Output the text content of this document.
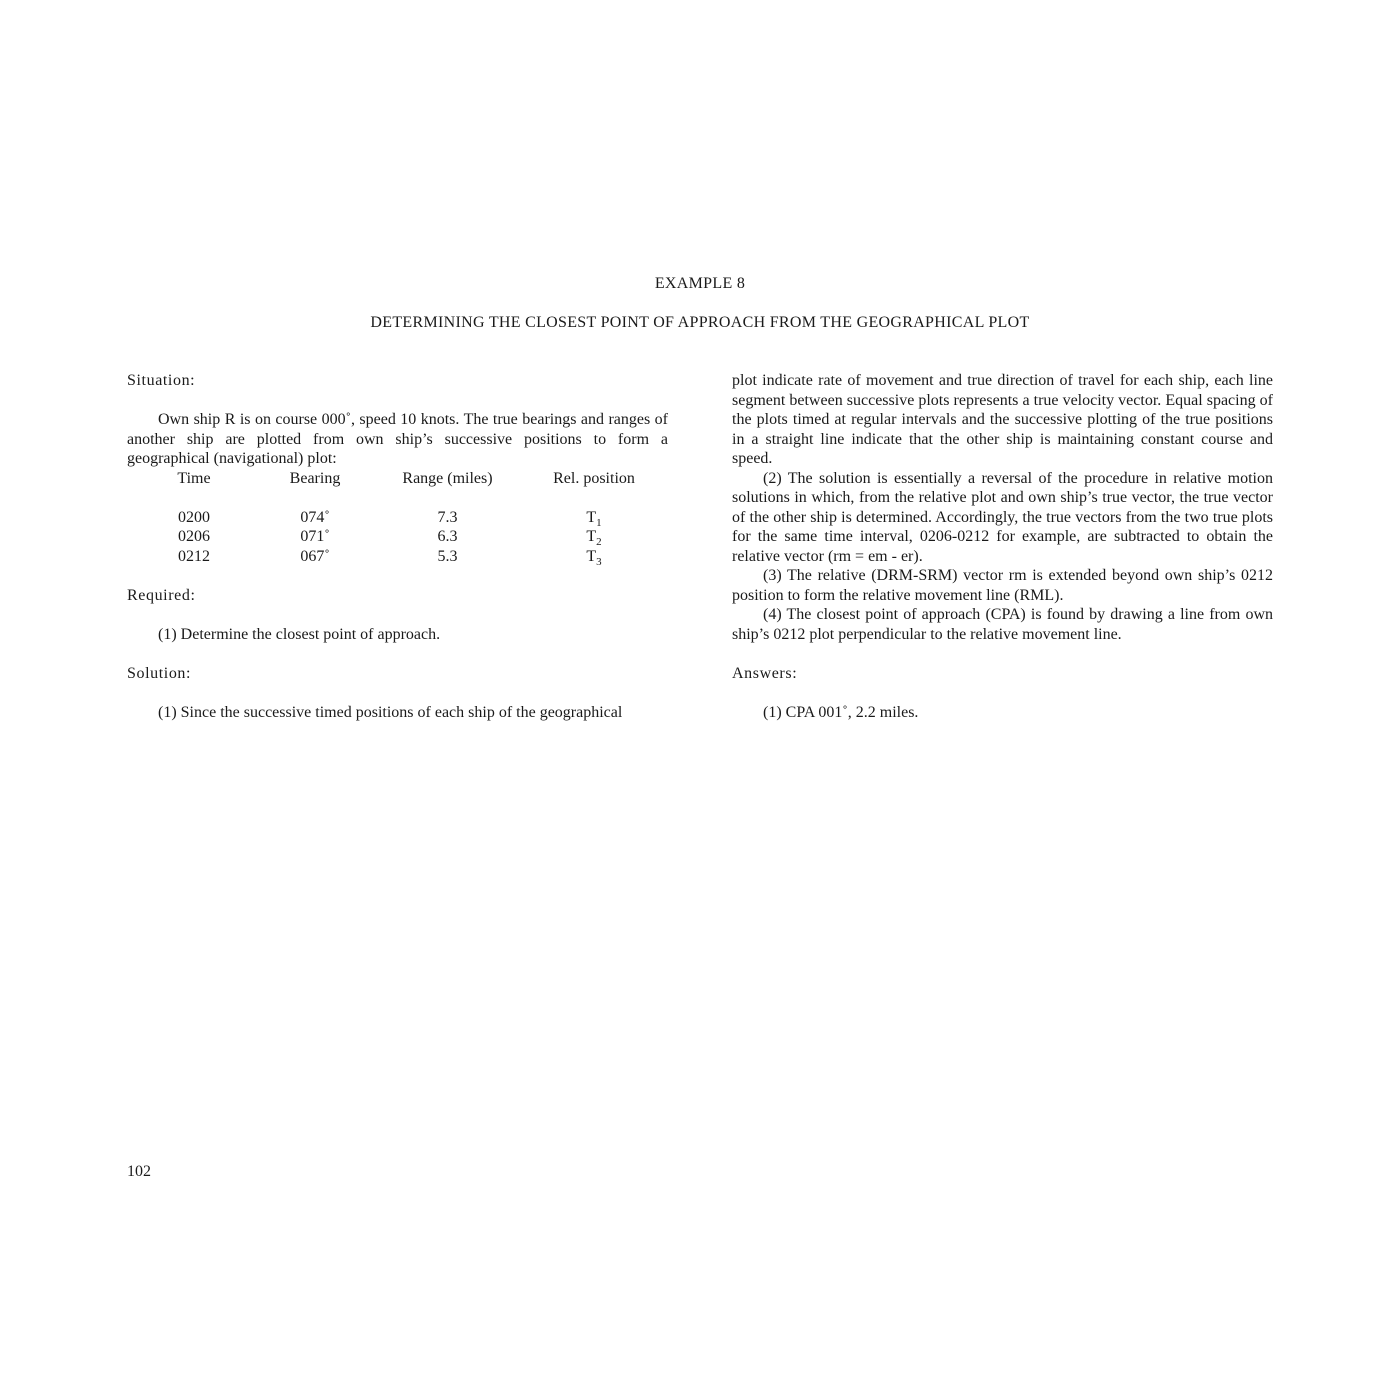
EXAMPLE 8
DETERMINING THE CLOSEST POINT OF APPROACH FROM THE GEOGRAPHICAL PLOT

Situation:

Own ship R is on course 000˚, speed 10 knots. The true bearings and ranges of another ship are plotted from own ship’s successive positions to form a geographical (navigational) plot:

Time	Bearing	Range (miles)	Rel. position

0200	074˚	7.3	$T_1$
0206	071˚	6.3	$T_2$
0212	067˚	5.3	$T_3$

Required:

(1) Determine the closest point of approach.

Solution:

(1) Since the successive timed positions of each ship of the geographical

plot indicate rate of movement and true direction of travel for each ship, each line segment between successive plots represents a true velocity vector. Equal spacing of the plots timed at regular intervals and the successive plotting of the true positions in a straight line indicate that the other ship is maintaining constant course and speed.

(2) The solution is essentially a reversal of the procedure in relative motion solutions in which, from the relative plot and own ship’s true vector, the true vector of the other ship is determined. Accordingly, the true vectors from the two true plots for the same time interval, 0206-0212 for example, are subtracted to obtain the relative vector (rm = em - er).

(3) The relative (DRM-SRM) vector rm is extended beyond own ship’s 0212 position to form the relative movement line (RML).

(4) The closest point of approach (CPA) is found by drawing a line from own ship’s 0212 plot perpendicular to the relative movement line.

Answers:

(1) CPA 001˚, 2.2 miles.

102
